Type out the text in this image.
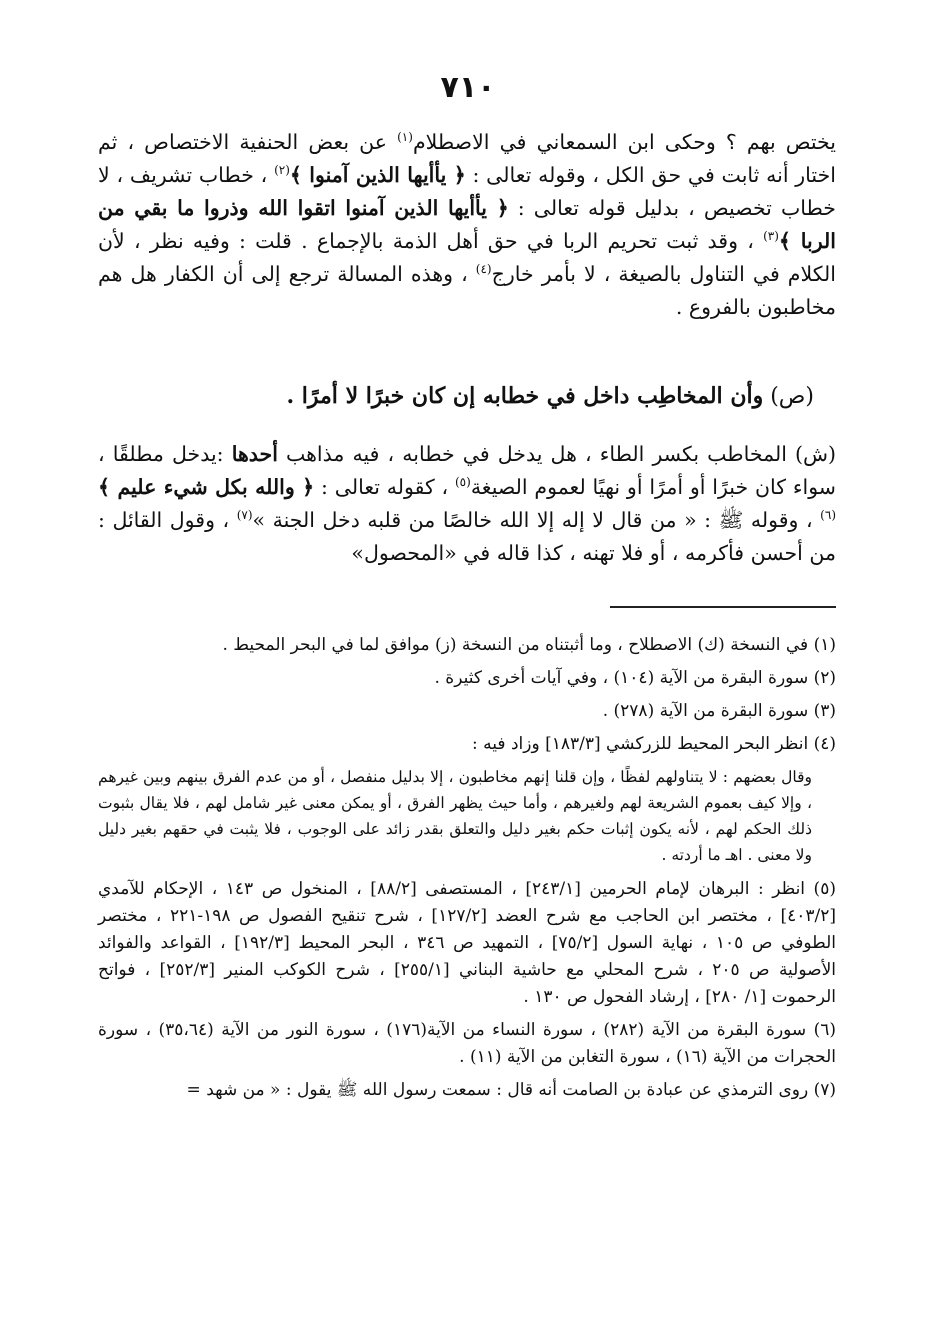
٧١٠

يختص بهم ؟ وحكى ابن السمعاني في الاصطلام$^{(١)}$ عن بعض الحنفية الاختصاص ، ثم اختار أنه ثابت في حق الكل ، وقوله تعالى : ﴿ يأأيها الذين آمنوا ﴾$^{(٢)}$ ، خطاب تشريف ، لا خطاب تخصيص ، بدليل قوله تعالى : ﴿ يأأيها الذين آمنوا اتقوا الله وذروا ما بقي من الربا ﴾$^{(٣)}$ ، وقد ثبت تحريم الربا في حق أهل الذمة بالإجماع . قلت : وفيه نظر ، لأن الكلام في التناول بالصيغة ، لا بأمر خارج$^{(٤)}$ ، وهذه المسالة ترجع إلى أن الكفار هل هم مخاطبون بالفروع .

(ص) وأن المخاطِب داخل في خطابه إن كان خبرًا لا أمرًا .

(ش) المخاطب بكسر الطاء ، هل يدخل في خطابه ، فيه مذاهب أحدها :يدخل مطلقًا ، سواء كان خبرًا أو أمرًا أو نهيًا لعموم الصيغة$^{(٥)}$ ، كقوله تعالى : ﴿ والله بكل شيء عليم ﴾$^{(٦)}$ ، وقوله ﷺ : « من قال لا إله إلا الله خالصًا من قلبه دخل الجنة »$^{(٧)}$ ، وقول القائل : من أحسن فأكرمه ، أو فلا تهنه ، كذا قاله في «المحصول»

(١) في النسخة (ك) الاصطلاح ، وما أثبتناه من النسخة (ز) موافق لما في البحر المحيط .

(٢) سورة البقرة من الآية (١٠٤) ، وفي آيات أخرى كثيرة .

(٣) سورة البقرة من الآية (٢٧٨) .

(٤) انظر البحر المحيط للزركشي [١٨٣/٣] وزاد فيه :

وقال بعضهم : لا يتناولهم لفظًا ، وإن قلنا إنهم مخاطبون ، إلا بدليل منفصل ، أو من عدم الفرق بينهم وبين غيرهم ، وإلا كيف بعموم الشريعة لهم ولغيرهم ، وأما حيث يظهر الفرق ، أو يمكن معنى غير شامل لهم ، فلا يقال بثبوت ذلك الحكم لهم ، لأنه يكون إثبات حكم بغير دليل والتعلق بقدر زائد على الوجوب ، فلا يثبت في حقهم بغير دليل ولا معنى . اهـ ما أردته .

(٥) انظر : البرهان لإمام الحرمين [٢٤٣/١] ، المستصفى [٨٨/٢] ، المنخول ص ١٤٣ ، الإحكام للآمدي [٤٠٣/٢] ، مختصر ابن الحاجب مع شرح العضد [١٢٧/٢] ، شرح تنقيح الفصول ص ١٩٨-٢٢١ ، مختصر الطوفي ص ١٠٥ ، نهاية السول [٧٥/٢] ، التمهيد ص ٣٤٦ ، البحر المحيط [١٩٢/٣] ، القواعد والفوائد الأصولية ص ٢٠٥ ، شرح المحلي مع حاشية البناني [٢٥٥/١] ، شرح الكوكب المنير [٢٥٢/٣] ، فواتح الرحموت [١/ ٢٨٠] ، إرشاد الفحول ص ١٣٠ .

(٦) سورة البقرة من الآية (٢٨٢) ، سورة النساء من الآية(١٧٦) ، سورة النور من الآية (٣٥،٦٤) ، سورة الحجرات من الآية (١٦) ، سورة التغابن من الآية (١١) .

(٧) روى الترمذي عن عبادة بن الصامت أنه قال : سمعت رسول الله ﷺ يقول : « من شهد =
